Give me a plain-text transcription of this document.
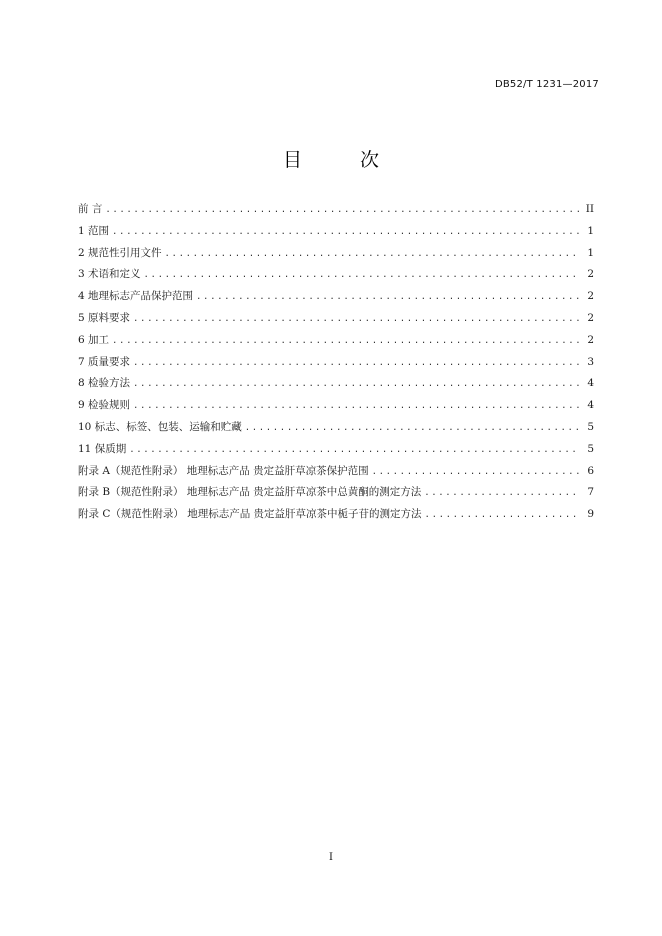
DB52/T 1231—2017
目 次
前 言 .....	II
1 范围 .....	1
2 规范性引用文件 .....	1
3 术语和定义 .....	2
4 地理标志产品保护范围 .....	2
5 原料要求 .....	2
6 加工 .....	2
7 质量要求 .....	3
8 检验方法 .....	4
9 检验规则 .....	4
10 标志、标签、包装、运输和贮藏 .....	5
11 保质期 .....	5
附录 A（规范性附录） 地理标志产品 贵定益肝草凉茶保护范围 .....	6
附录 B（规范性附录） 地理标志产品 贵定益肝草凉茶中总黄酮的测定方法 .....	7
附录 C（规范性附录） 地理标志产品 贵定益肝草凉茶中栀子苷的测定方法 .....	9
I
